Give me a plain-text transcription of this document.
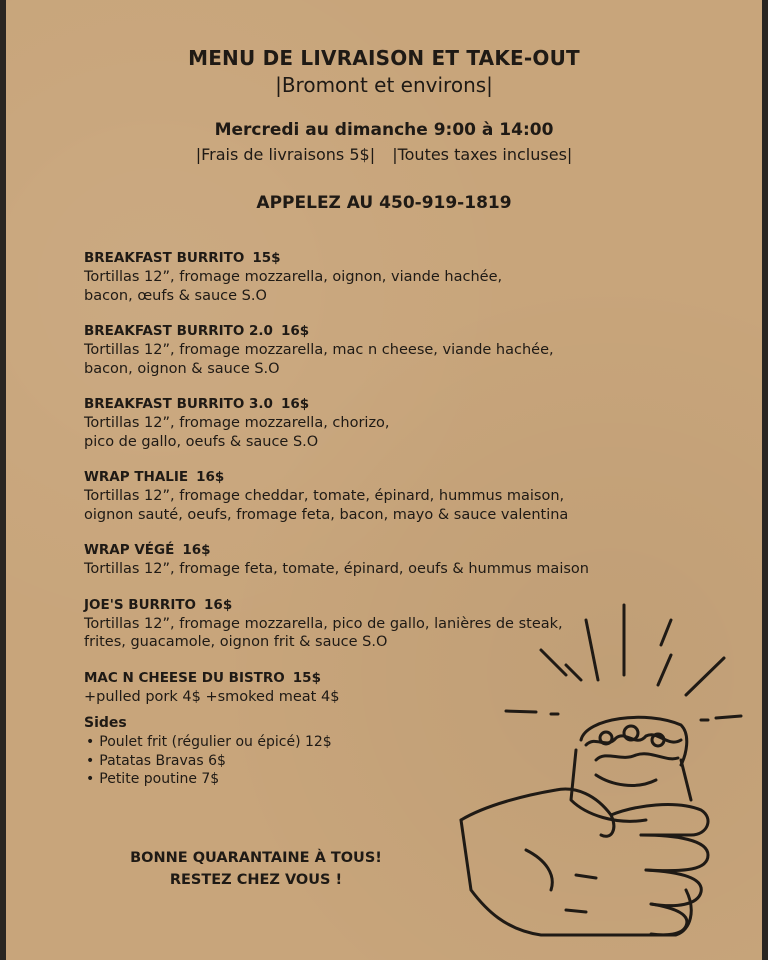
MENU DE LIVRAISON ET TAKE-OUT
|Bromont et environs|
Mercredi au dimanche 9:00 à 14:00
|Frais de livraisons 5$| |Toutes taxes incluses|
APPELEZ AU 450-919-1819
BREAKFAST BURRITO 15$
Tortillas 12”, fromage mozzarella, oignon, viande hachée,
bacon, œufs & sauce S.O
BREAKFAST BURRITO 2.0 16$
Tortillas 12”, fromage mozzarella, mac n cheese, viande hachée,
bacon, oignon & sauce S.O
BREAKFAST BURRITO 3.0 16$
Tortillas 12”, fromage mozzarella, chorizo,
pico de gallo, oeufs & sauce S.O
WRAP THALIE 16$
Tortillas 12”, fromage cheddar, tomate, épinard, hummus maison,
oignon sauté, oeufs, fromage feta, bacon, mayo & sauce valentina
WRAP VÉGÉ 16$
Tortillas 12”, fromage feta, tomate, épinard, oeufs & hummus maison
JOE'S BURRITO 16$
Tortillas 12”, fromage mozzarella, pico de gallo, lanières de steak,
frites, guacamole, oignon frit & sauce S.O
MAC N CHEESE DU BISTRO 15$
+pulled pork 4$ +smoked meat 4$
Sides
• Poulet frit (régulier ou épicé) 12$
• Patatas Bravas 6$
• Petite poutine 7$
BONNE QUARANTAINE À TOUS!
RESTEZ CHEZ VOUS !
